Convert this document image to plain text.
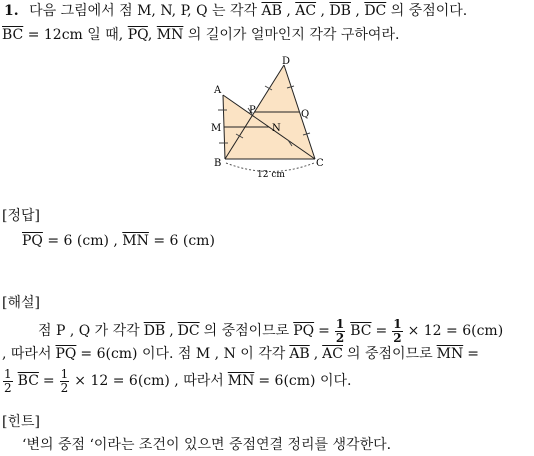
1. 다음 그림에서 점 M, N, P, Q 는 각각 $\overline{AB}$ , $\overline{AC}$ , $\overline{DB}$ , $\overline{DC}$ 의 중점이다.
$\overline{BC} = 12cm$ 일 때, $\overline{PQ}$, $\overline{MN}$ 의 길이가 얼마인지 각각 구하여라.
A
B	C
D
M	N
P	Q
12 cm
[정답]
$\overline{PQ} = 6$ (cm) , $\overline{MN} = 6$ (cm)
[해설]
점 P , Q 가 각각 $\overline{DB}$ , $\overline{DC}$ 의 중점이므로 $\overline{PQ} = \frac{1}{2} \overline{BC} = \frac{1}{2} \times 12 = 6(cm)$
, 따라서 $\overline{PQ} = 6(cm)$ 이다. 점 M , N 이 각각 $\overline{AB}$ , $\overline{AC}$ 의 중점이므로 $\overline{MN}$ =
$\frac{1}{2} \overline{BC} = \frac{1}{2} \times 12 = 6(cm)$ , 따라서 $\overline{MN} = 6(cm)$ 이다.
[힌트]
‘변의 중점 ‘이라는 조건이 있으면 중점연결 정리를 생각한다.
